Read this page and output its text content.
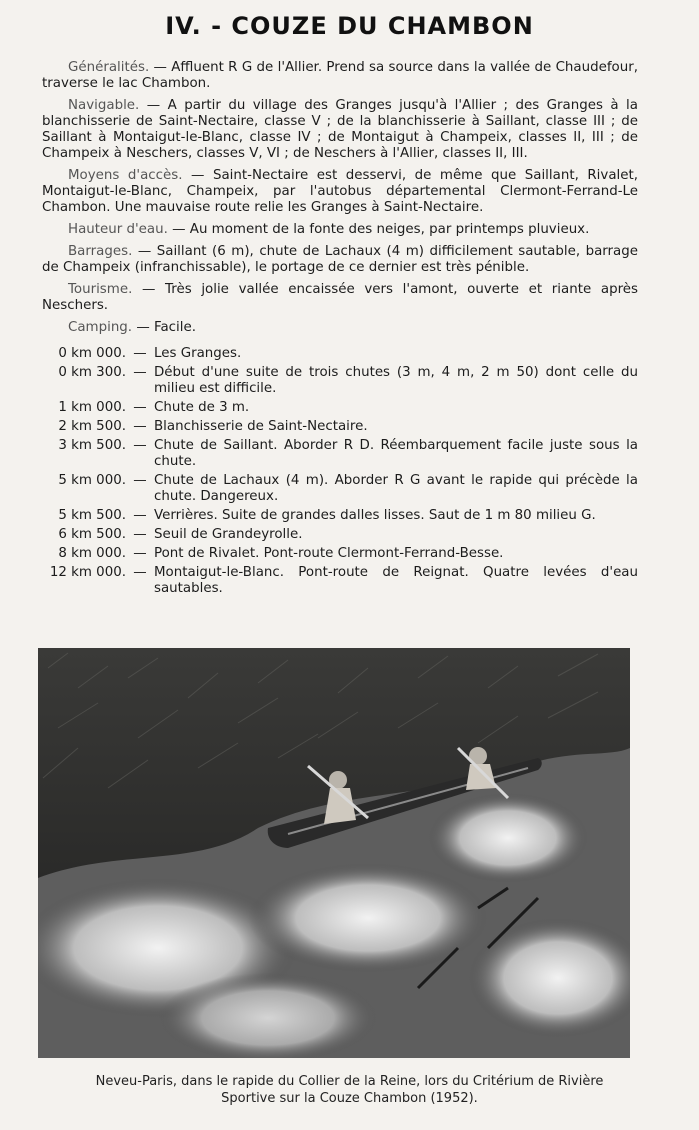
IV. - COUZE DU CHAMBON

Généralités. — Affluent R G de l'Allier. Prend sa source dans la vallée de Chaudefour, traverse le lac Chambon.

Navigable. — A partir du village des Granges jusqu'à l'Allier ; des Granges à la blanchisserie de Saint-Nectaire, classe V ; de la blanchisserie à Saillant, classe III ; de Saillant à Montaigut-le-Blanc, classe IV ; de Montaigut à Champeix, classes II, III ; de Champeix à Neschers, classes V, VI ; de Neschers à l'Allier, classes II, III.

Moyens d'accès. — Saint-Nectaire est desservi, de même que Saillant, Rivalet, Montaigut-le-Blanc, Champeix, par l'autobus départemental Clermont-Ferrand-Le Chambon. Une mauvaise route relie les Granges à Saint-Nectaire.

Hauteur d'eau. — Au moment de la fonte des neiges, par printemps pluvieux.

Barrages. — Saillant (6 m), chute de Lachaux (4 m) difficilement sautable, barrage de Champeix (infranchissable), le portage de ce dernier est très pénible.

Tourisme. — Très jolie vallée encaissée vers l'amont, ouverte et riante après Neschers.

Camping. — Facile.

0 km 000. — Les Granges.
0 km 300. — Début d'une suite de trois chutes (3 m, 4 m, 2 m 50) dont celle du milieu est difficile.
1 km 000. — Chute de 3 m.
2 km 500. — Blanchisserie de Saint-Nectaire.
3 km 500. — Chute de Saillant. Aborder R D. Réembarquement facile juste sous la chute.
5 km 000. — Chute de Lachaux (4 m). Aborder R G avant le rapide qui précède la chute. Dangereux.
5 km 500. — Verrières. Suite de grandes dalles lisses. Saut de 1 m 80 milieu G.
6 km 500. — Seuil de Grandeyrolle.
8 km 000. — Pont de Rivalet. Pont-route Clermont-Ferrand-Besse.
12 km 000. — Montaigut-le-Blanc. Pont-route de Reignat. Quatre levées d'eau sautables.
Neveu-Paris, dans le rapide du Collier de la Reine, lors du Critérium de Rivière
Sportive sur la Couze Chambon (1952).
